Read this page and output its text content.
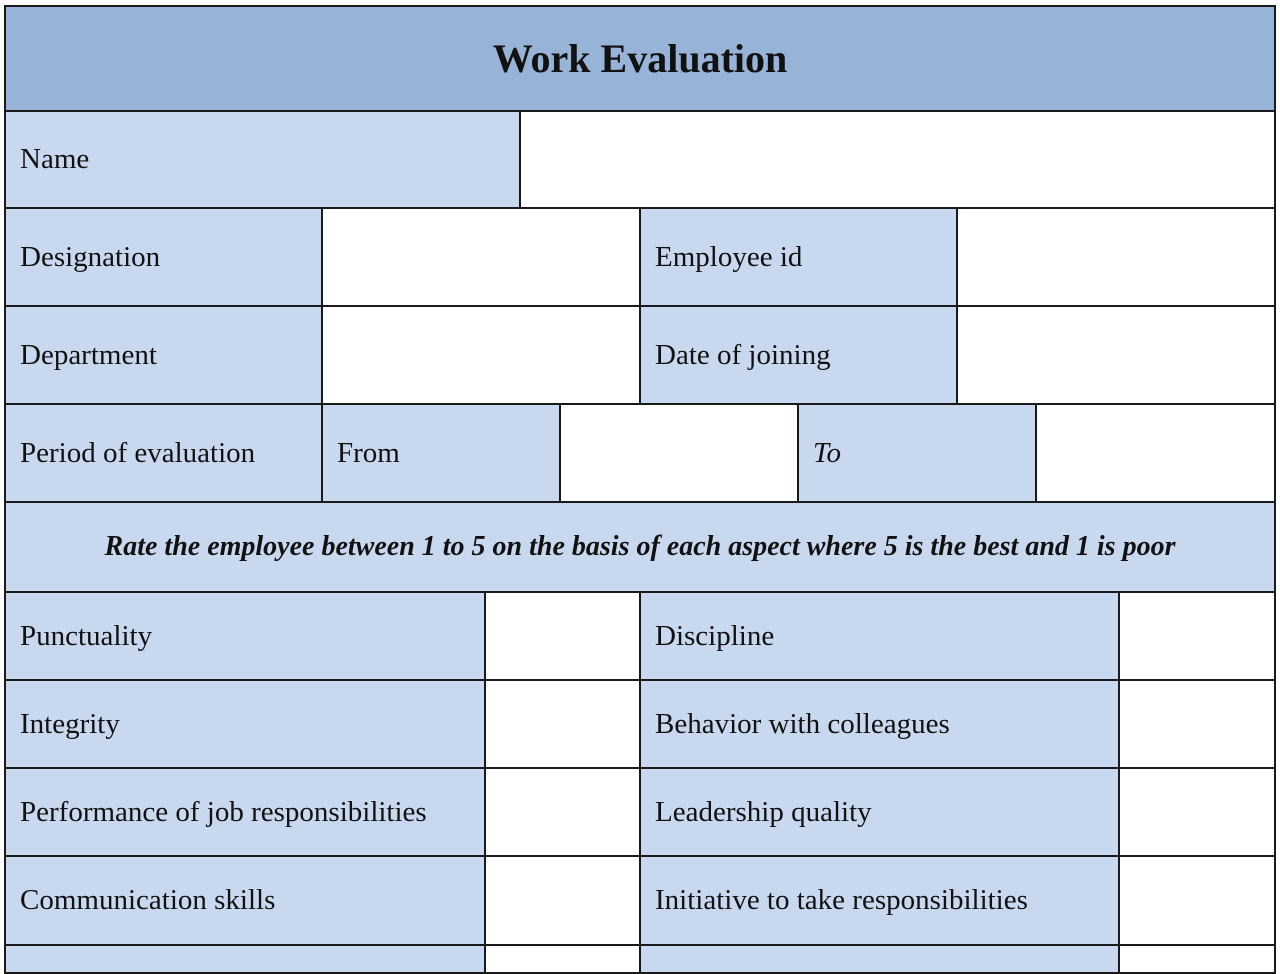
Work Evaluation
Name
Designation	Employee id
Department	Date of joining
Period of evaluation	From	To
Rate the employee between 1 to 5 on the basis of each aspect where 5 is the best and 1 is poor
Punctuality	Discipline
Integrity	Behavior with colleagues
Performance of job responsibilities	Leadership quality
Communication skills	Initiative to take responsibilities
